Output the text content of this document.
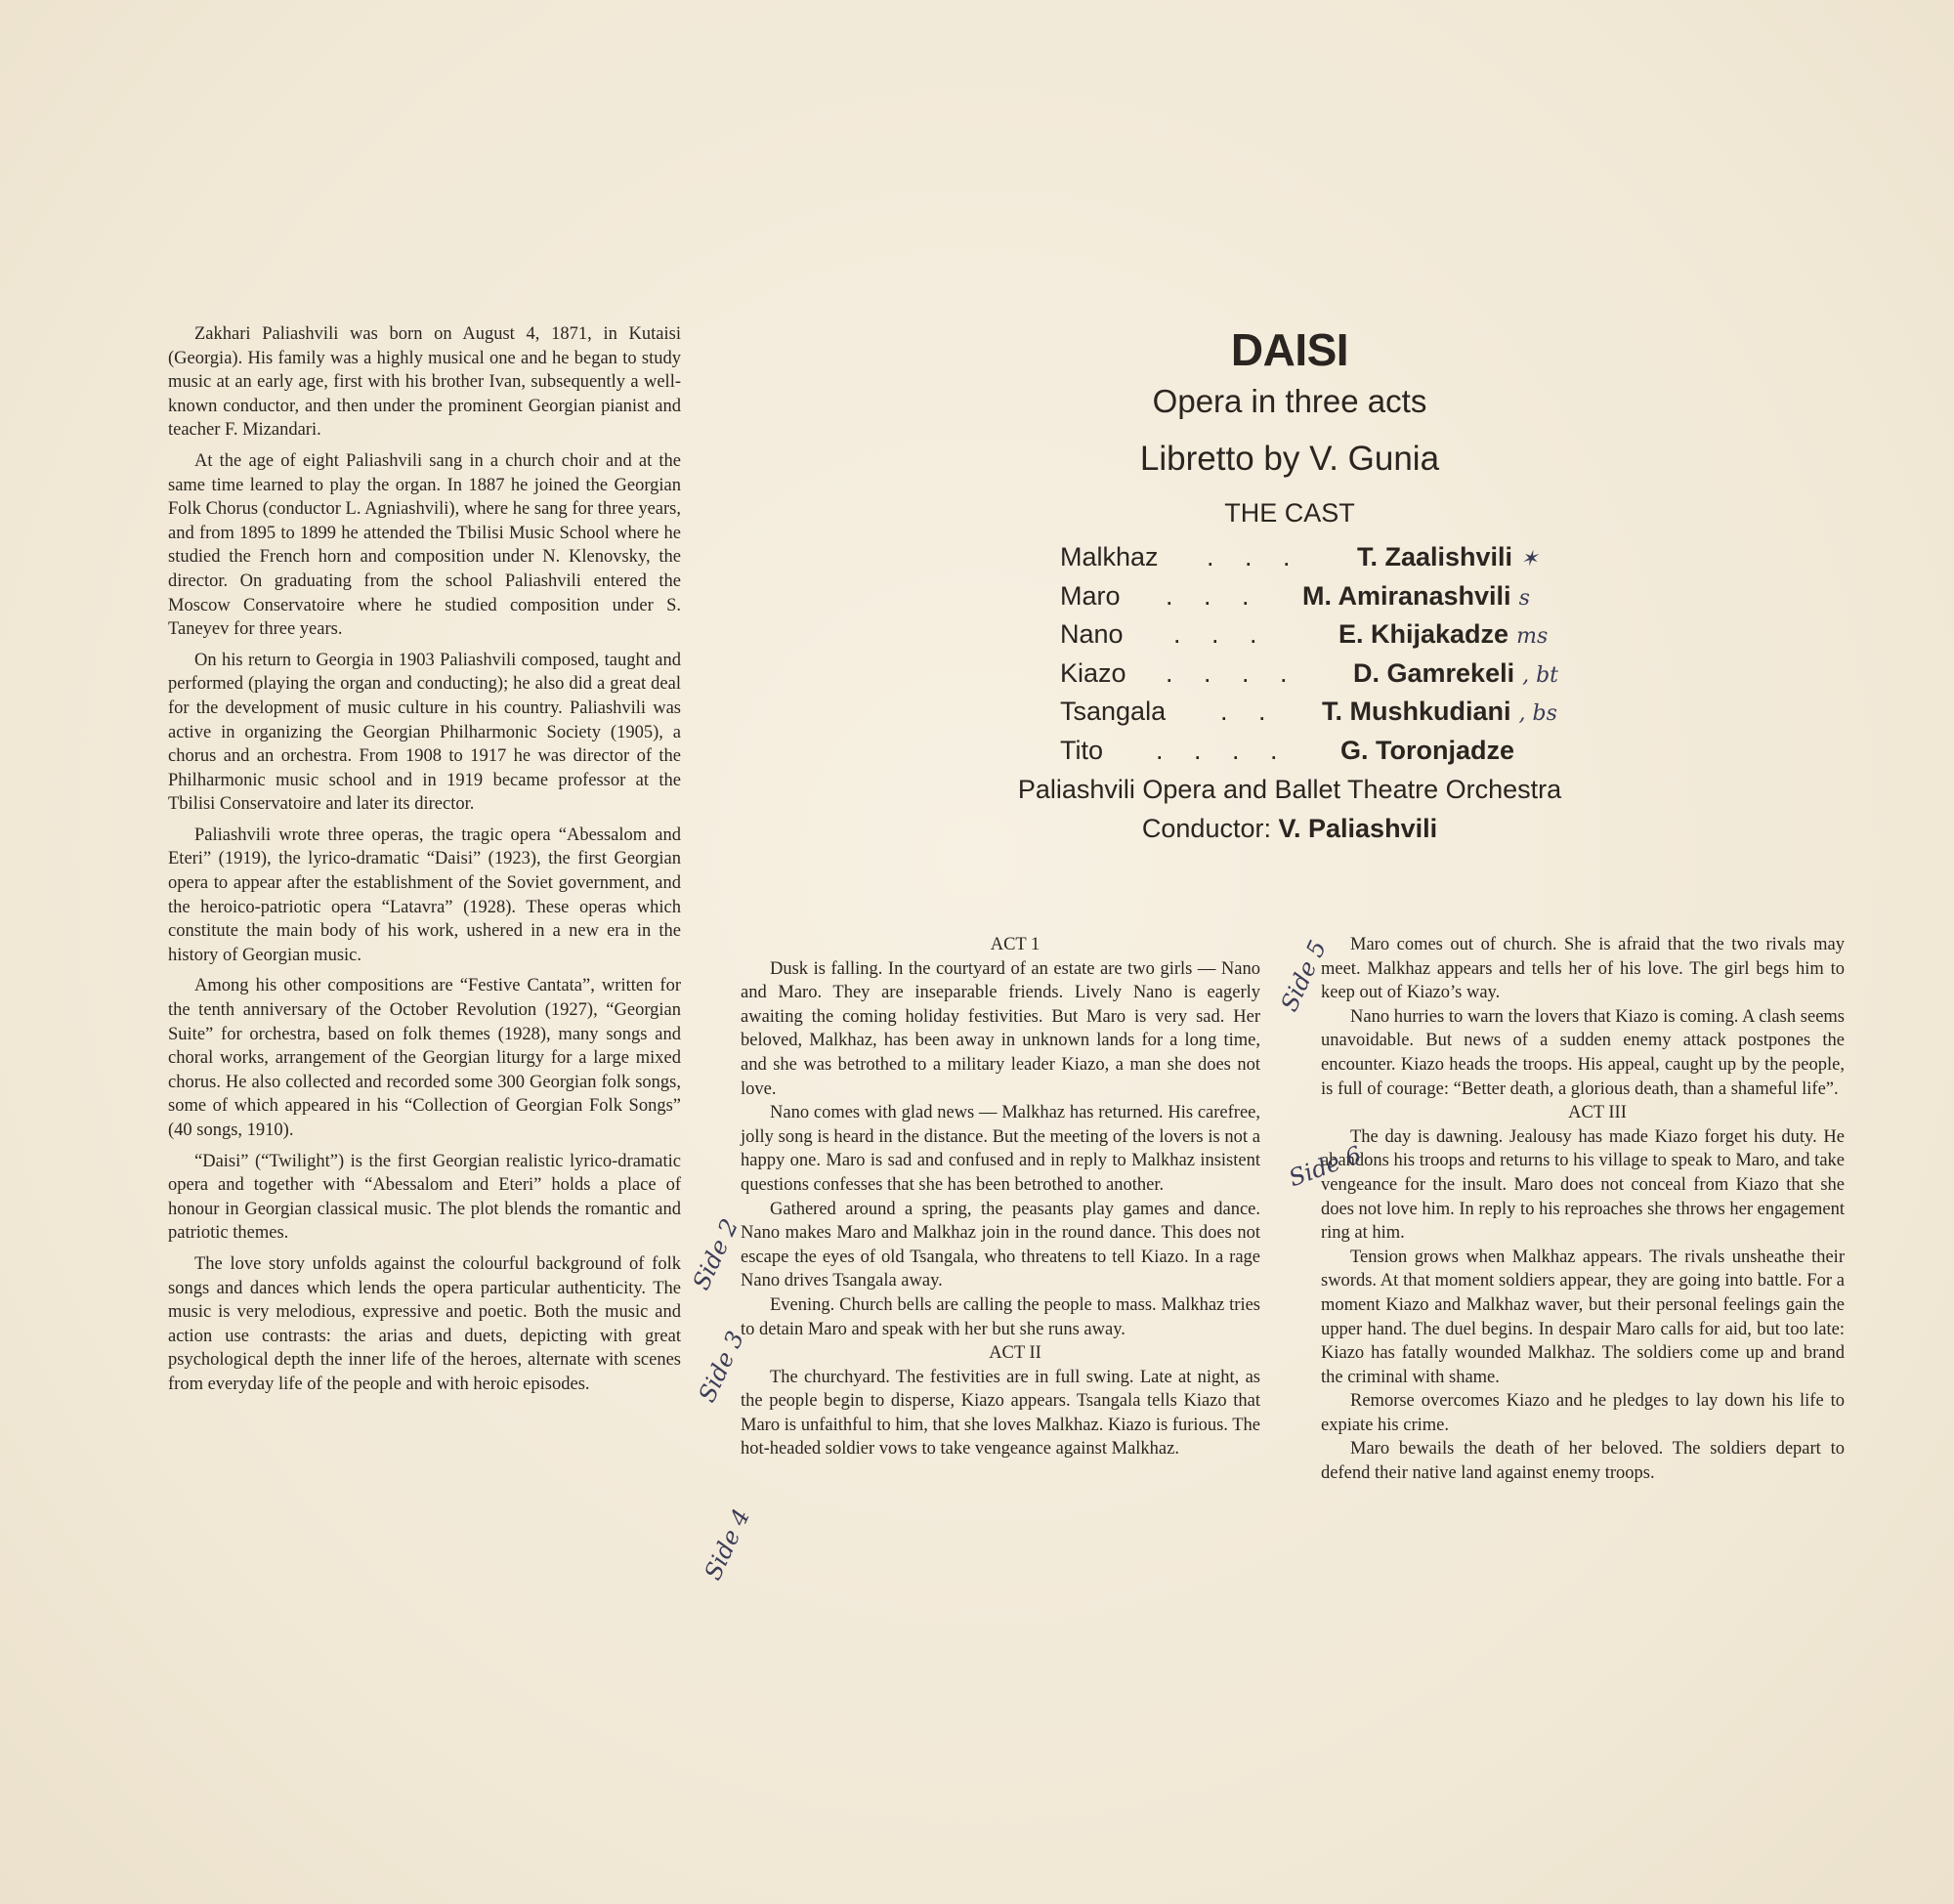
Zakhari Paliashvili was born on August 4, 1871, in Kutaisi (Georgia). His family was a highly musical one and he began to study music at an early age, first with his brother Ivan, subsequently a well-known conductor, and then under the prominent Georgian pianist and teacher F. Mizandari.

At the age of eight Paliashvili sang in a church choir and at the same time learned to play the organ. In 1887 he joined the Georgian Folk Chorus (conductor L. Agniashvili), where he sang for three years, and from 1895 to 1899 he attended the Tbilisi Music School where he studied the French horn and composition under N. Klenovsky, the director. On graduating from the school Paliashvili entered the Moscow Conservatoire where he studied composition under S. Taneyev for three years.

On his return to Georgia in 1903 Paliashvili composed, taught and performed (playing the organ and conducting); he also did a great deal for the development of music culture in his country. Paliashvili was active in organizing the Georgian Philharmonic Society (1905), a chorus and an orchestra. From 1908 to 1917 he was director of the Philharmonic music school and in 1919 became professor at the Tbilisi Conservatoire and later its director.

Paliashvili wrote three operas, the tragic opera “Abessalom and Eteri” (1919), the lyrico-dramatic “Daisi” (1923), the first Georgian opera to appear after the establishment of the Soviet government, and the heroico-patriotic opera “Latavra” (1928). These operas which constitute the main body of his work, ushered in a new era in the history of Georgian music.

Among his other compositions are “Festive Cantata”, written for the tenth anniversary of the October Revolution (1927), “Georgian Suite” for orchestra, based on folk themes (1928), many songs and choral works, arrangement of the Georgian liturgy for a large mixed chorus. He also collected and recorded some 300 Georgian folk songs, some of which appeared in his “Collection of Georgian Folk Songs” (40 songs, 1910).

“Daisi” (“Twilight”) is the first Georgian realistic lyrico-dramatic opera and together with “Abessalom and Eteri” holds a place of honour in Georgian classical music. The plot blends the romantic and patriotic themes.

The love story unfolds against the colourful background of folk songs and dances which lends the opera particular authenticity. The music is very melodious, expressive and poetic. Both the music and action use contrasts: the arias and duets, depicting with great psychological depth the inner life of the heroes, alternate with scenes from everyday life of the people and with heroic episodes.

DAISI
Opera in three acts
Libretto by V. Gunia
THE CAST
Malkhaz . . . T. Zaalishvili ✶
Maro . . . M. Amiranashvili s
Nano . . .	E. Khijakadze ms
Kiazo . . . . D. Gamrekeli , bt
Tsangala . . T. Mushkudiani , bs
Tito . . . . G. Toronjadze
Paliashvili Opera and Ballet Theatre Orchestra
Conductor: V. Paliashvili

ACT 1

Dusk is falling. In the courtyard of an estate are two girls — Nano and Maro. They are inseparable friends. Lively Nano is eagerly awaiting the coming holiday festivities. But Maro is very sad. Her beloved, Malkhaz, has been away in unknown lands for a long time, and she was betrothed to a military leader Kiazo, a man she does not love.

Nano comes with glad news — Malkhaz has returned. His carefree, jolly song is heard in the distance. But the meeting of the lovers is not a happy one. Maro is sad and confused and in reply to Malkhaz insistent questions confesses that she has been betrothed to another.

Gathered around a spring, the peasants play games and dance. Nano makes Maro and Malkhaz join in the round dance. This does not escape the eyes of old Tsangala, who threatens to tell Kiazo. In a rage Nano drives Tsangala away.

Evening. Church bells are calling the people to mass. Malkhaz tries to detain Maro and speak with her but she runs away.

ACT II

The churchyard. The festivities are in full swing. Late at night, as the people begin to disperse, Kiazo appears. Tsangala tells Kiazo that Maro is unfaithful to him, that she loves Malkhaz. Kiazo is furious. The hot-headed soldier vows to take vengeance against Malkhaz.

Maro comes out of church. She is afraid that the two rivals may meet. Malkhaz appears and tells her of his love. The girl begs him to keep out of Kiazo’s way.

Nano hurries to warn the lovers that Kiazo is coming. A clash seems unavoidable. But news of a sudden enemy attack postpones the encounter. Kiazo heads the troops. His appeal, caught up by the people, is full of courage: “Better death, a glorious death, than a shameful life”.

ACT III

The day is dawning. Jealousy has made Kiazo forget his duty. He abandons his troops and returns to his village to speak to Maro, and take vengeance for the insult. Maro does not conceal from Kiazo that she does not love him. In reply to his reproaches she throws her engagement ring at him.

Tension grows when Malkhaz appears. The rivals unsheathe their swords. At that moment soldiers appear, they are going into battle. For a moment Kiazo and Malkhaz waver, but their personal feelings gain the upper hand. The duel begins. In despair Maro calls for aid, but too late: Kiazo has fatally wounded Malkhaz. The soldiers come up and brand the criminal with shame.

Remorse overcomes Kiazo and he pledges to lay down his life to expiate his crime.

Maro bewails the death of her beloved. The soldiers depart to defend their native land against enemy troops.

Side 2
Side 3
Side 4
Side 5
Side 6
